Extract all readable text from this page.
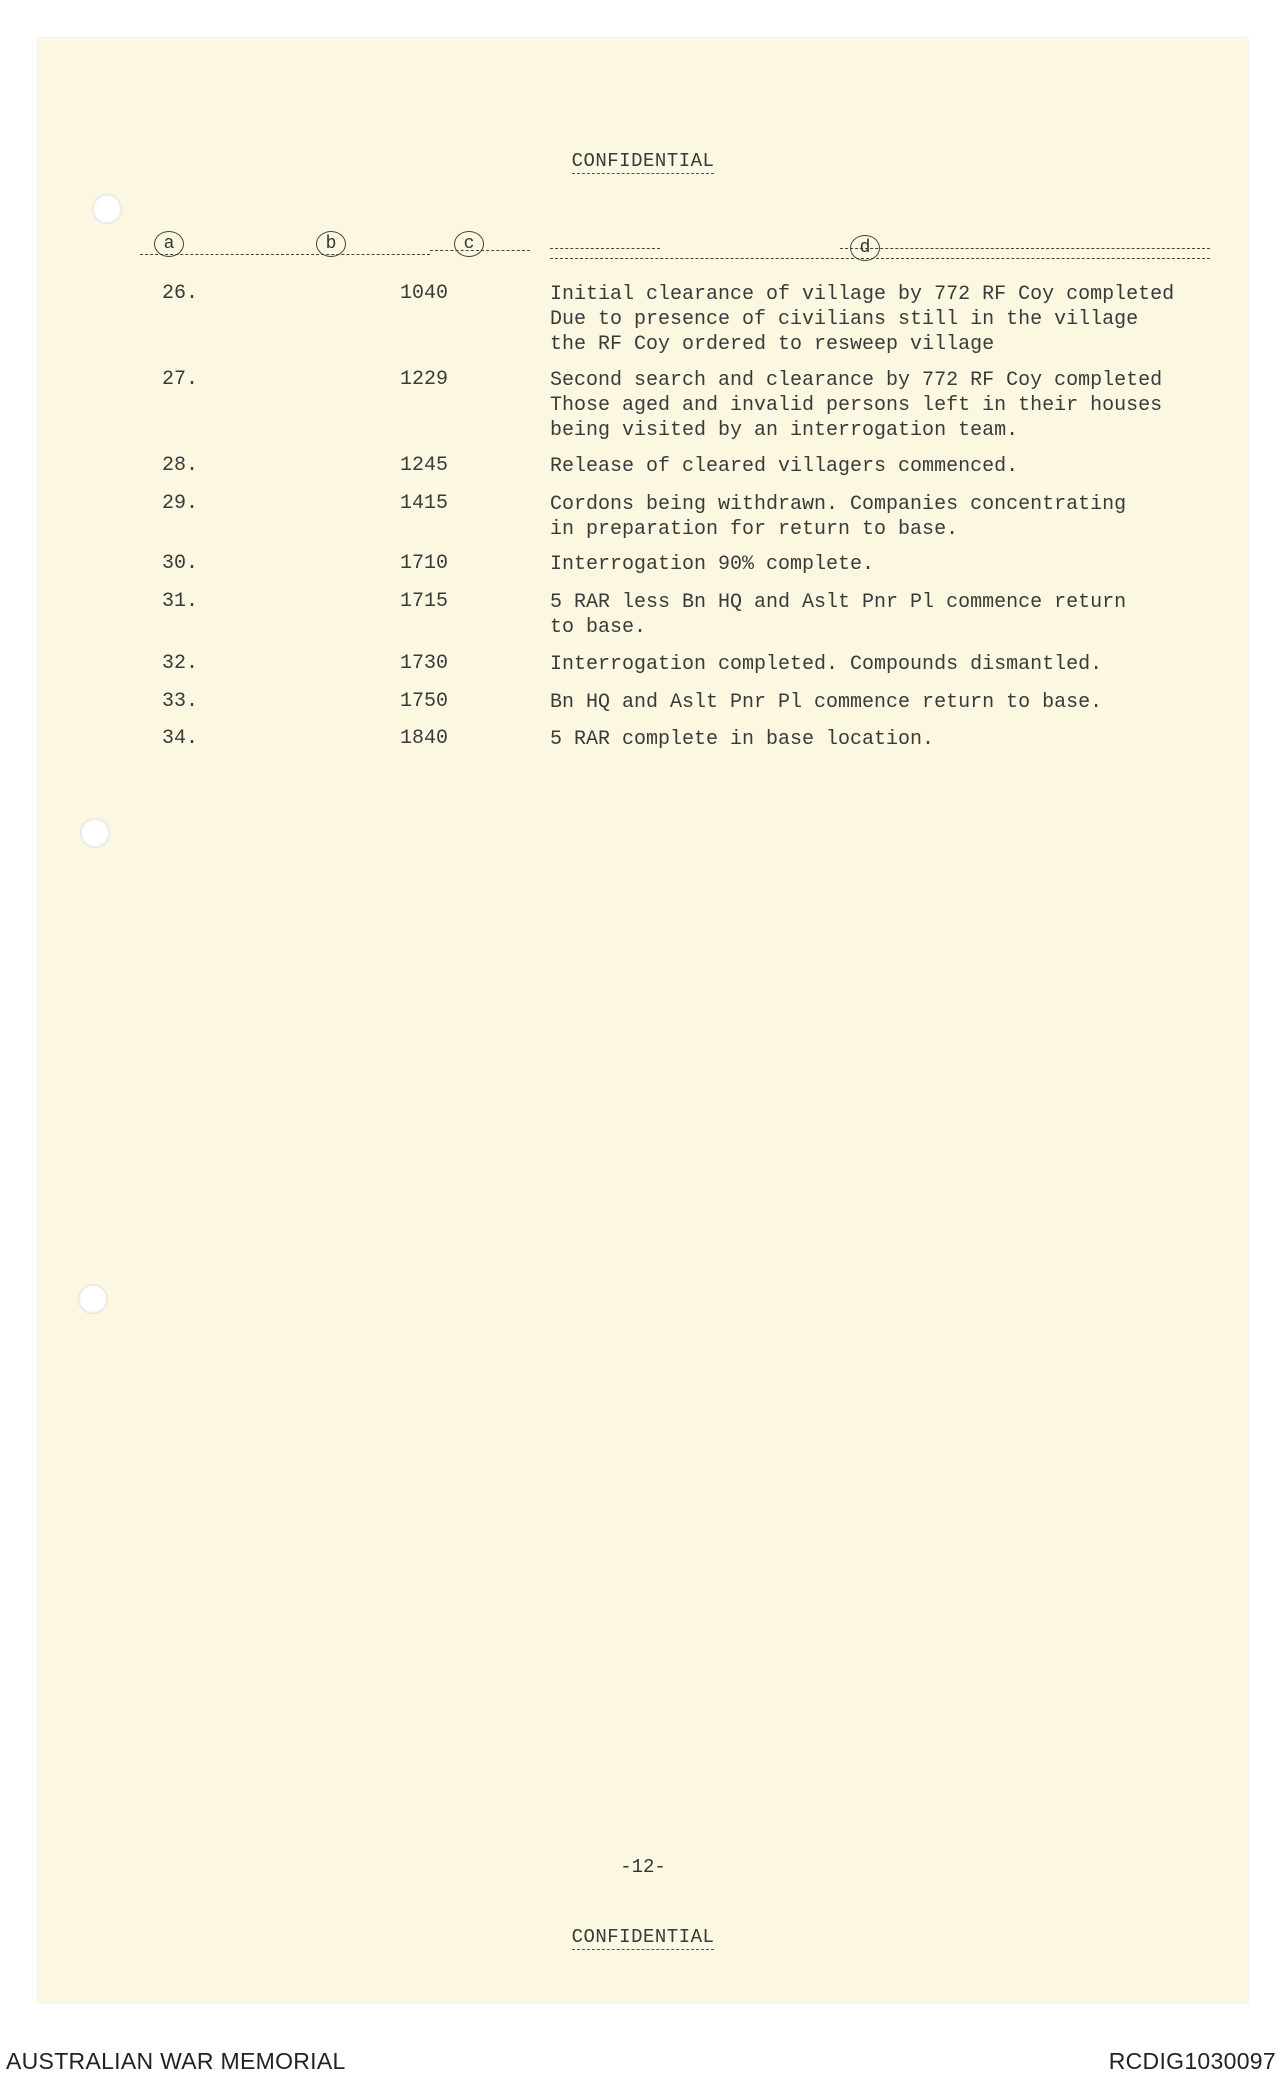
CONFIDENTIAL
a	b	c	d
26.	1040	Initial clearance of village by 772 RF Coy completed
Due to presence of civilians still in the village
the RF Coy ordered to resweep village
27.	1229	Second search and clearance by 772 RF Coy completed
Those aged and invalid persons left in their houses
being visited by an interrogation team.
28.	1245	Release of cleared villagers commenced.
29.	1415	Cordons being withdrawn. Companies concentrating
in preparation for return to base.
30.	1710	Interrogation 90% complete.
31.	1715	5 RAR less Bn HQ and Aslt Pnr Pl commence return
to base.
32.	1730	Interrogation completed. Compounds dismantled.
33.	1750	Bn HQ and Aslt Pnr Pl commence return to base.
34.	1840	5 RAR complete in base location.
-12-
CONFIDENTIAL
AUSTRALIAN WAR MEMORIAL	RCDIG1030097
